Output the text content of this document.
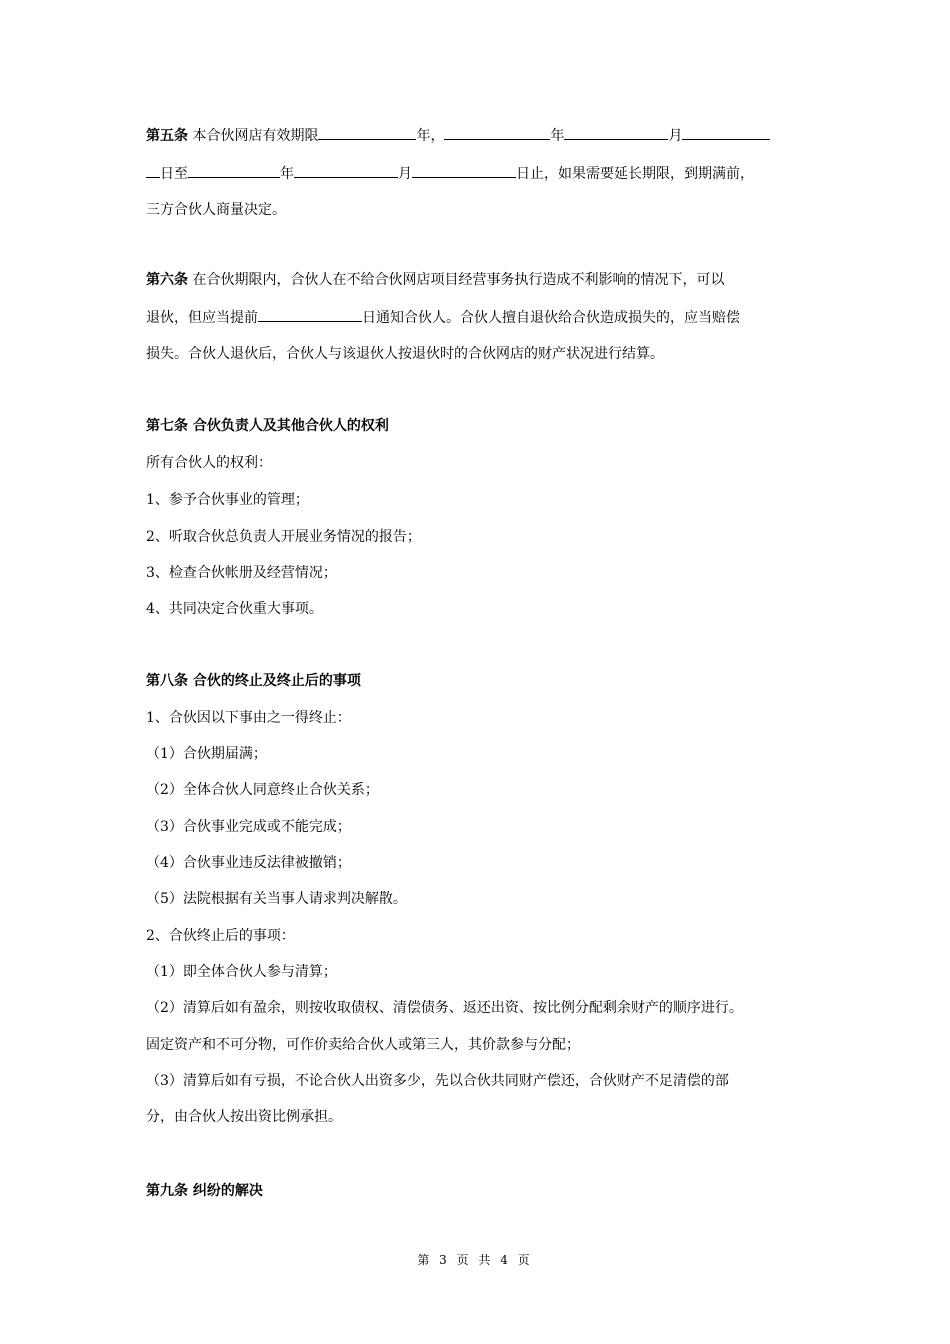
第五条 本合伙网店有效期限	年，	年	月
日至	年	月	日止，如果需要延长期限，到期满前，
三方合伙人商量决定。
第六条 在合伙期限内，合伙人在不给合伙网店项目经营事务执行造成不利影响的情况下，可以
退伙，但应当提前	日通知合伙人。合伙人擅自退伙给合伙造成损失的，应当赔偿
损失。合伙人退伙后，合伙人与该退伙人按退伙时的合伙网店的财产状况进行结算。
第七条 合伙负责人及其他合伙人的权利
所有合伙人的权利：
1、参予合伙事业的管理；
2、听取合伙总负责人开展业务情况的报告；
3、检查合伙帐册及经营情况；
4、共同决定合伙重大事项。
第八条 合伙的终止及终止后的事项
1、合伙因以下事由之一得终止：
（1）合伙期届满；
（2）全体合伙人同意终止合伙关系；
（3）合伙事业完成或不能完成；
（4）合伙事业违反法律被撤销；
（5）法院根据有关当事人请求判决解散。
2、合伙终止后的事项：
（1）即全体合伙人参与清算；
（2）清算后如有盈余，则按收取债权、清偿债务、返还出资、按比例分配剩余财产的顺序进行。
固定资产和不可分物，可作价卖给合伙人或第三人，其价款参与分配；
（3）清算后如有亏损，不论合伙人出资多少，先以合伙共同财产偿还，合伙财产不足清偿的部
分，由合伙人按出资比例承担。
第九条 纠纷的解决
第 3 页 共 4 页
